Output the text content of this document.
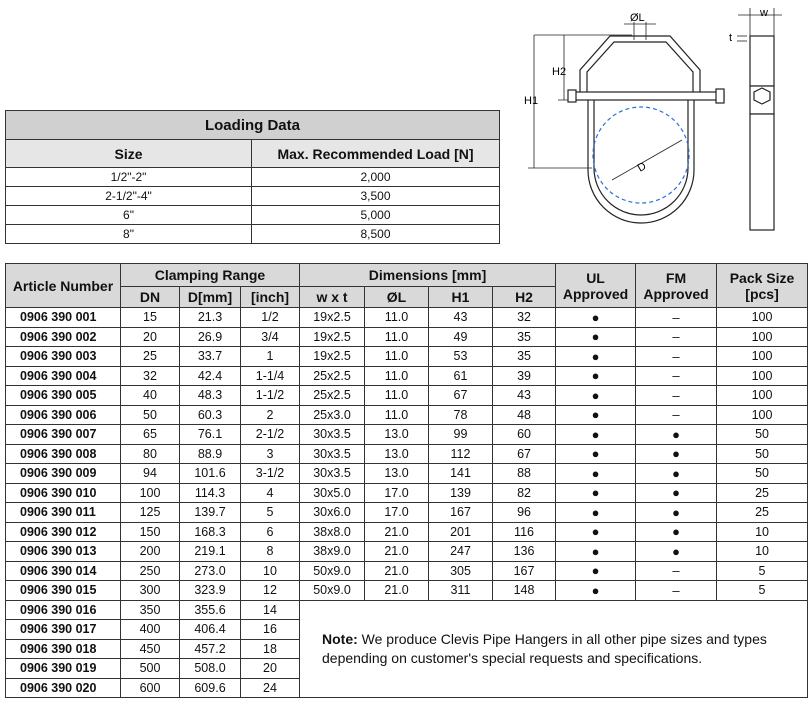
D
ØL
H1
H2
w
t
Loading Data	
Size	Max. Recommended Load [N]
1/2"-2"	2,000
2-1/2"-4"	3,500
6"	5,000
8"	8,500
Article Number	Clamping Range			Dimensions [mm]				UL Approved	FM Approved	Pack Size [pcs]
	DN	D[mm]	[inch]	w x t	ØL	H1	H2			
0906 390 001	15	21.3	1/2	19x2.5	11.0	43	32	●	–	100
0906 390 002	20	26.9	3/4	19x2.5	11.0	49	35	●	–	100
0906 390 003	25	33.7	1	19x2.5	11.0	53	35	●	–	100
0906 390 004	32	42.4	1-1/4	25x2.5	11.0	61	39	●	–	100
0906 390 005	40	48.3	1-1/2	25x2.5	11.0	67	43	●	–	100
0906 390 006	50	60.3	2	25x3.0	11.0	78	48	●	–	100
0906 390 007	65	76.1	2-1/2	30x3.5	13.0	99	60	●	●	50
0906 390 008	80	88.9	3	30x3.5	13.0	112	67	●	●	50
0906 390 009	94	101.6	3-1/2	30x3.5	13.0	141	88	●	●	50
0906 390 010	100	114.3	4	30x5.0	17.0	139	82	●	●	25
0906 390 011	125	139.7	5	30x6.0	17.0	167	96	●	●	25
0906 390 012	150	168.3	6	38x8.0	21.0	201	116	●	●	10
0906 390 013	200	219.1	8	38x9.0	21.0	247	136	●	●	10
0906 390 014	250	273.0	10	50x9.0	21.0	305	167	●	–	5
0906 390 015	300	323.9	12	50x9.0	21.0	311	148	●	–	5
0906 390 016	350	355.6	14	Note: We produce Clevis Pipe Hangers in all other pipe sizes and types depending on customer's special requests and specifications.						
0906 390 017	400	406.4	16							
0906 390 018	450	457.2	18							
0906 390 019	500	508.0	20							
0906 390 020	600	609.6	24							
